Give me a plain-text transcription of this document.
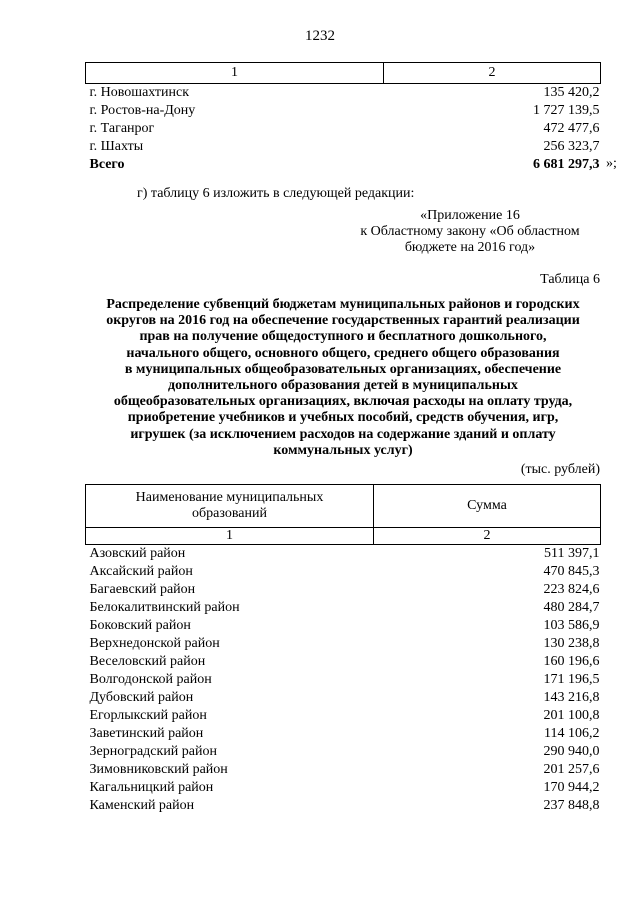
1232
1	2
г. Новошахтинск	135 420,2
г. Ростов-на-Дону	1 727 139,5
г. Таганрог	472 477,6
г. Шахты	256 323,7
Всего	6 681 297,3 »;
г) таблицу 6 изложить в следующей редакции:
«Приложение 16
к Областному закону «Об областном
бюджете на 2016 год»
Таблица 6
Распределение субвенций бюджетам муниципальных районов и городских
округов на 2016 год на обеспечение государственных гарантий реализации
прав на получение общедоступного и бесплатного дошкольного,
начального общего, основного общего, среднего общего образования
в муниципальных общеобразовательных организациях, обеспечение
дополнительного образования детей в муниципальных
общеобразовательных организациях, включая расходы на оплату труда,
приобретение учебников и учебных пособий, средств обучения, игр,
игрушек (за исключением расходов на содержание зданий и оплату
коммунальных услуг)
(тыс. рублей)
Наименование муниципальных
образований	Сумма
1	2
Азовский район	511 397,1
Аксайский район	470 845,3
Багаевский район	223 824,6
Белокалитвинский район	480 284,7
Боковский район	103 586,9
Верхнедонской район	130 238,8
Веселовский район	160 196,6
Волгодонской район	171 196,5
Дубовский район	143 216,8
Егорлыкский район	201 100,8
Заветинский район	114 106,2
Зерноградский район	290 940,0
Зимовниковский район	201 257,6
Кагальницкий район	170 944,2
Каменский район	237 848,8
